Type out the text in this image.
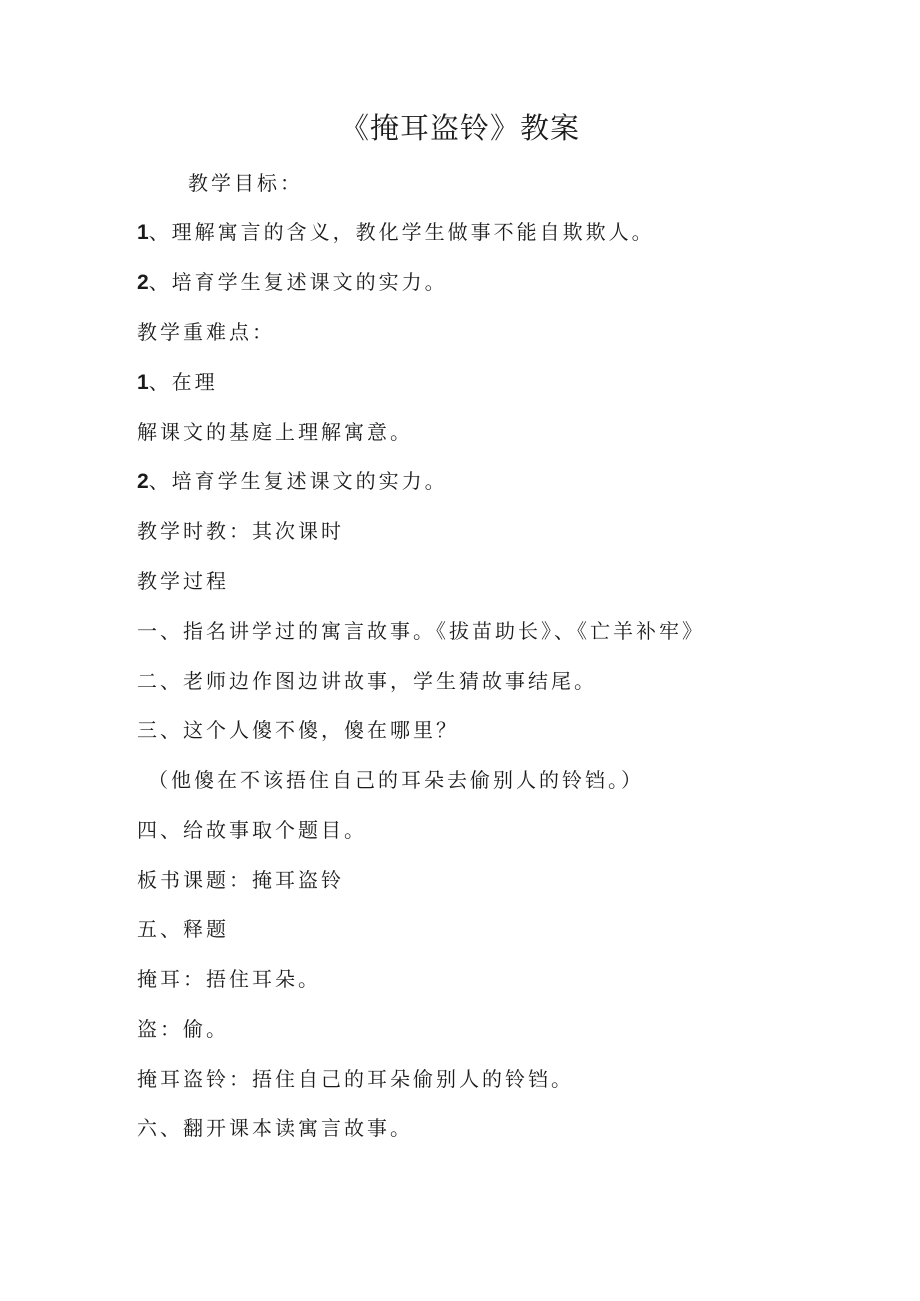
《掩耳盗铃》教案
教学目标：
1、理解寓言的含义，教化学生做事不能自欺欺人。
2、培育学生复述课文的实力。
教学重难点：
1、在理
解课文的基庭上理解寓意。
2、培育学生复述课文的实力。
教学时教：其次课时
教学过程
一、指名讲学过的寓言故事。《拔苗助长》、《亡羊补牢》
二、老师边作图边讲故事，学生猜故事结尾。
三、这个人傻不傻，傻在哪里？
（他傻在不该捂住自己的耳朵去偷别人的铃铛。）
四、给故事取个题目。
板书课题：掩耳盗铃
五、释题
掩耳：捂住耳朵。
盗：偷。
掩耳盗铃：捂住自己的耳朵偷别人的铃铛。
六、翻开课本读寓言故事。
